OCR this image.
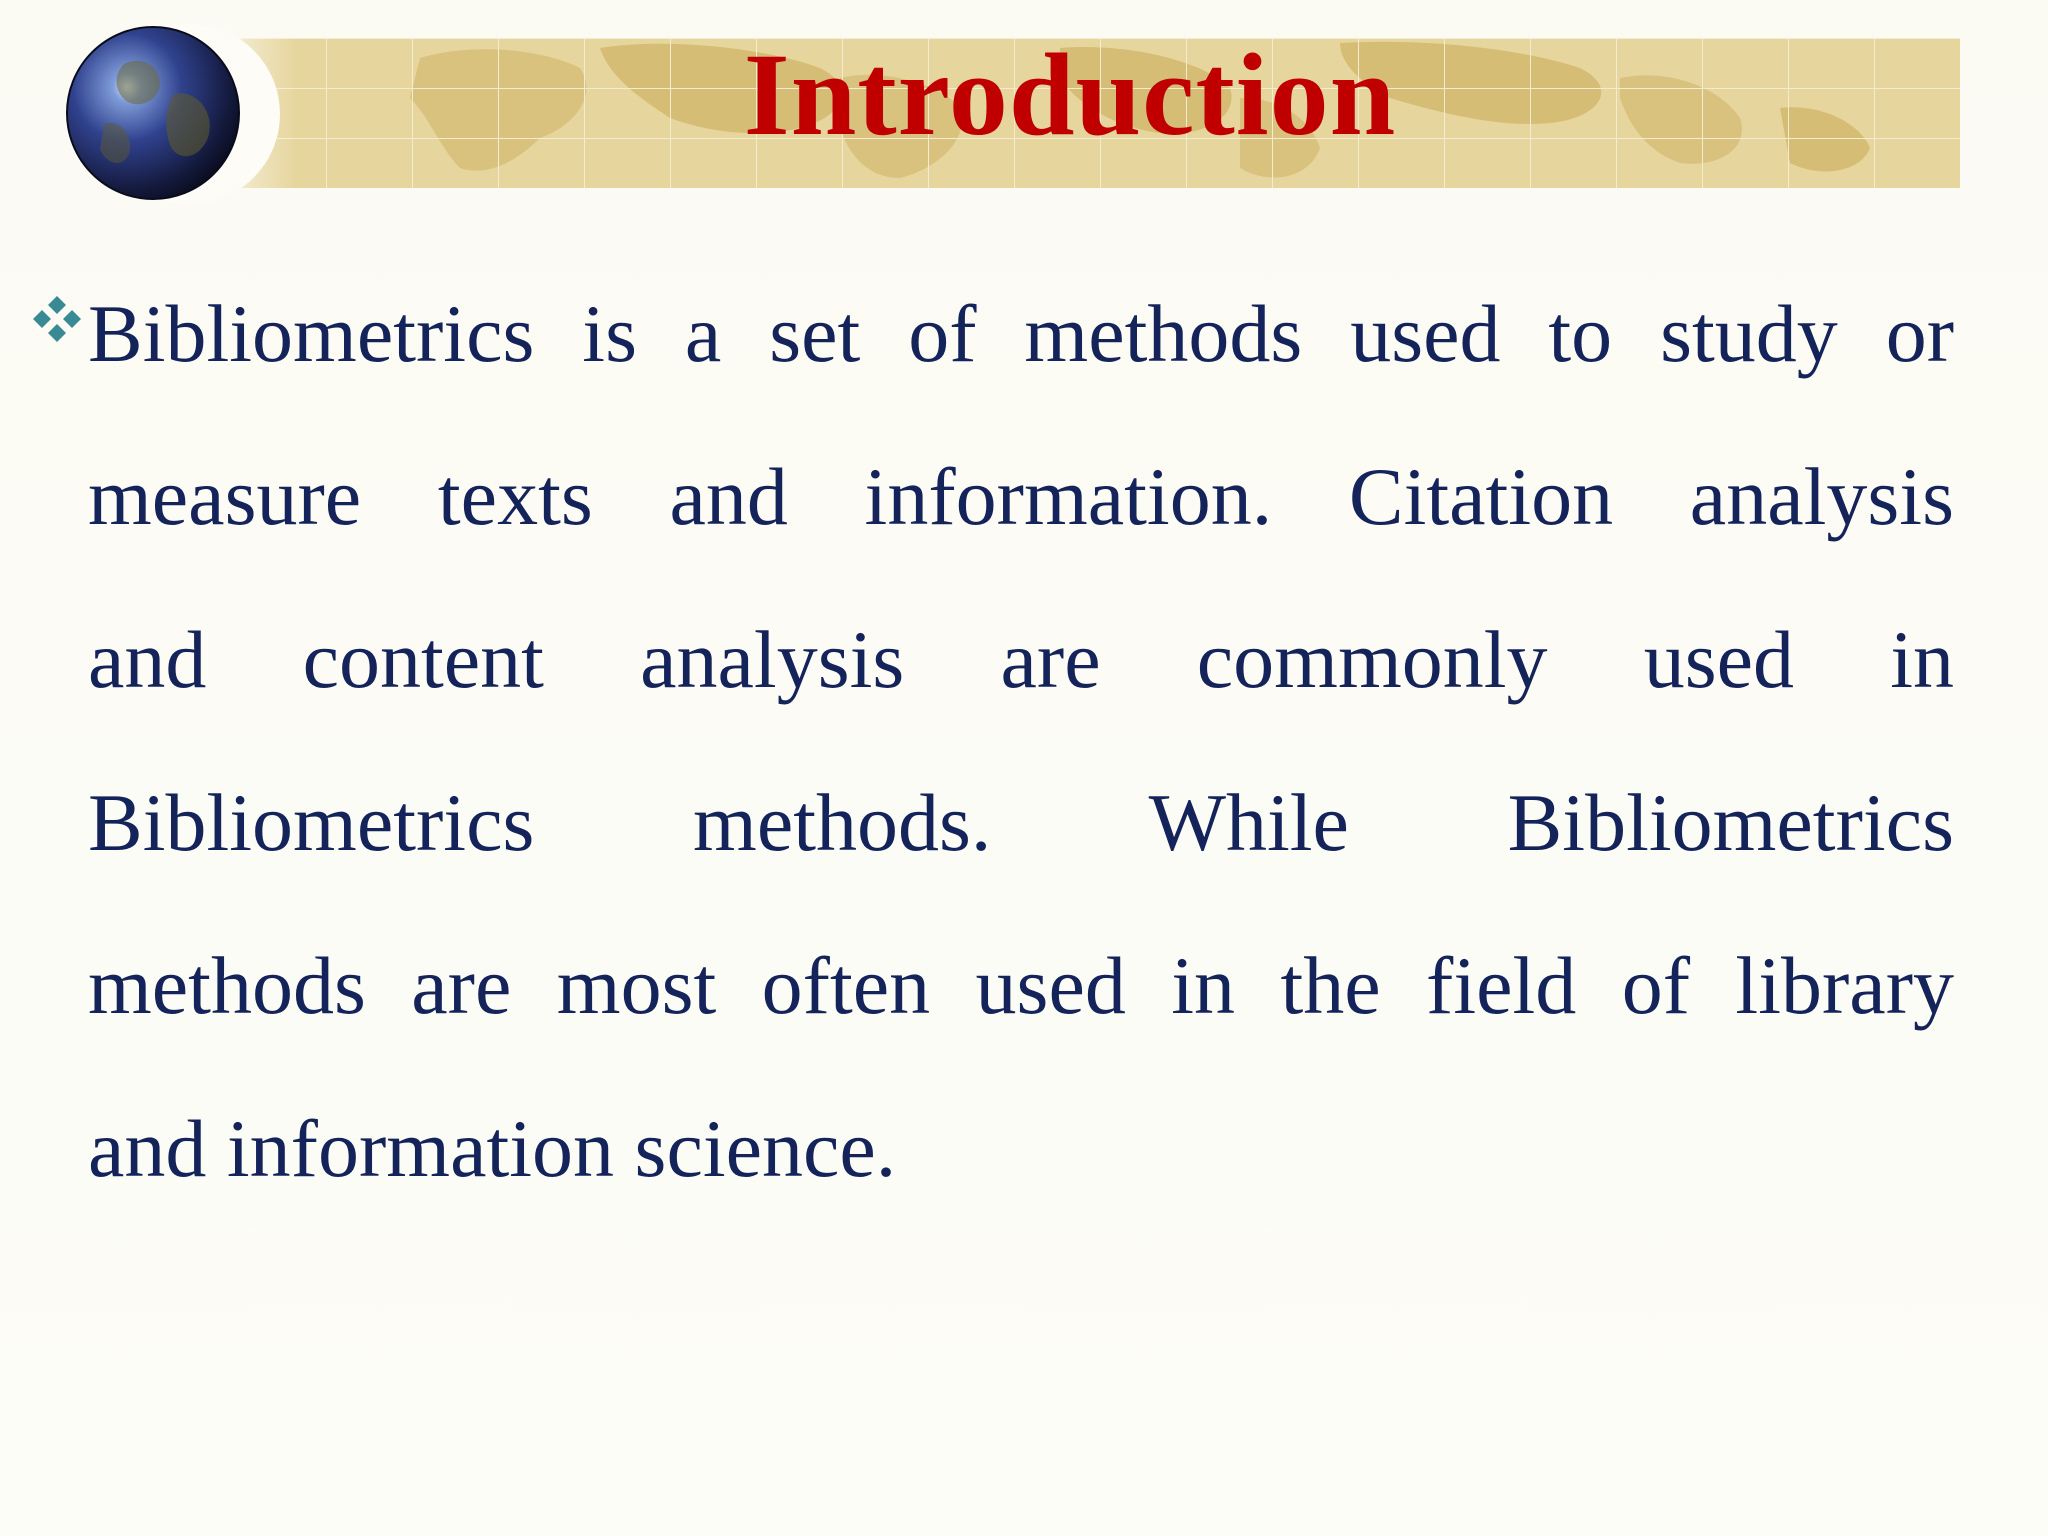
Introduction
Bibliometrics is a set of methods used to study or
measure texts and information. Citation analysis
and content analysis are commonly used in
Bibliometrics methods. While Bibliometrics
methods are most often used in the field of library
and information science.
